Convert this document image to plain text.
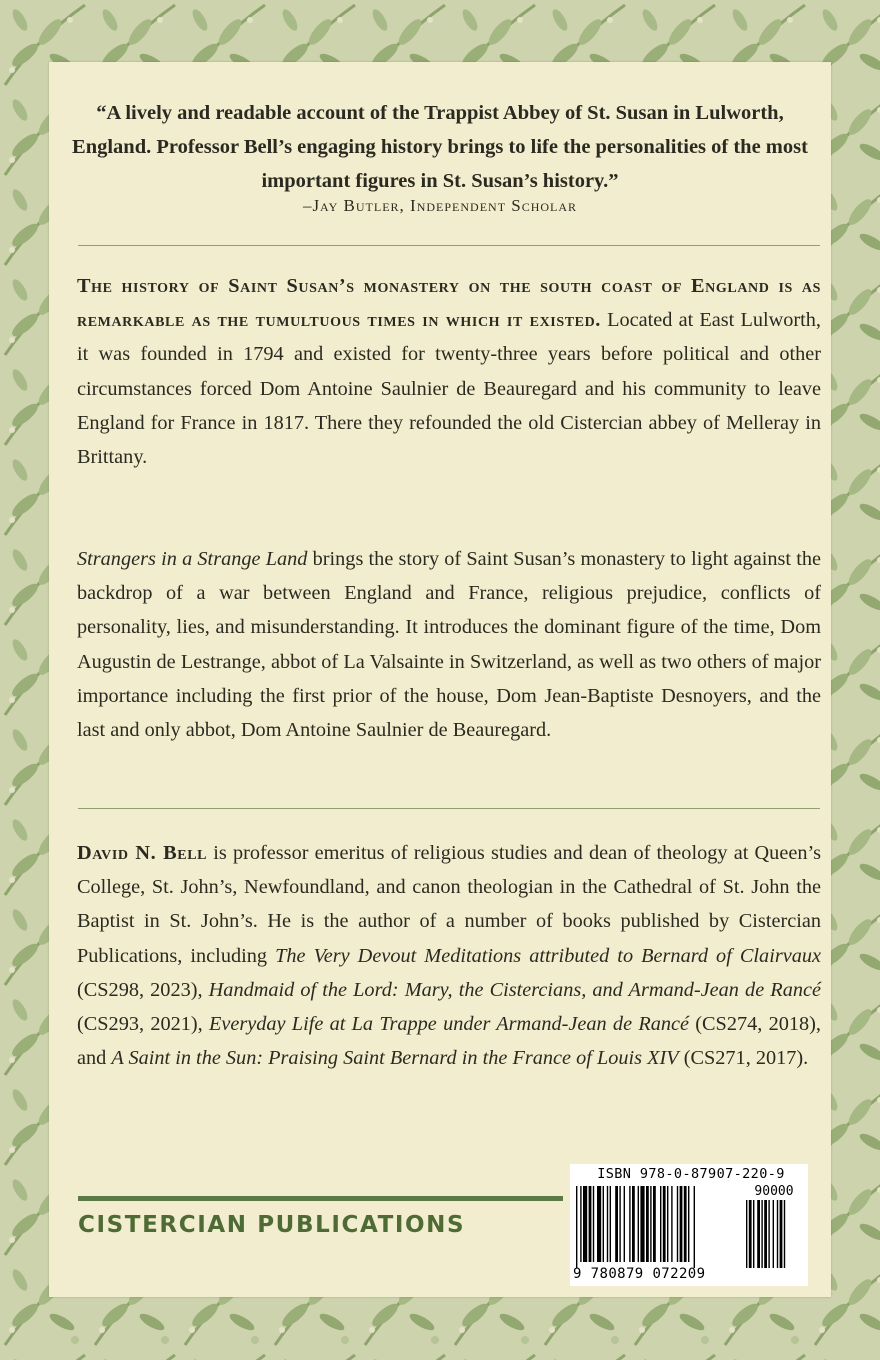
“A lively and readable account of the Trappist Abbey of St. Susan in Lulworth, England. Professor Bell’s engaging history brings to life the personalities of the most important figures in St. Susan’s history.”
–Jay Butler, Independent Scholar
The history of Saint Susan’s monastery on the south coast of England is as remarkable as the tumultuous times in which it existed. Located at East Lulworth, it was founded in 1794 and existed for twenty-three years before political and other circumstances forced Dom Antoine Saulnier de Beauregard and his community to leave England for France in 1817. There they refounded the old Cistercian abbey of Melleray in Brittany.
Strangers in a Strange Land brings the story of Saint Susan’s monastery to light against the backdrop of a war between England and France, religious prejudice, conflicts of personality, lies, and misunderstanding. It introduces the dominant figure of the time, Dom Augustin de Lestrange, abbot of La Valsainte in Switzerland, as well as two others of major importance including the first prior of the house, Dom Jean-Baptiste Desnoyers, and the last and only abbot, Dom Antoine Saulnier de Beauregard.
David N. Bell is professor emeritus of religious studies and dean of theology at Queen’s College, St. John’s, Newfoundland, and canon theologian in the Cathedral of St. John the Baptist in St. John’s. He is the author of a number of books published by Cistercian Publications, including The Very Devout Meditations attributed to Bernard of Clairvaux (CS298, 2023), Handmaid of the Lord: Mary, the Cistercians, and Armand-Jean de Rancé (CS293, 2021), Everyday Life at La Trappe under Armand-Jean de Rancé (CS274, 2018), and A Saint in the Sun: Praising Saint Bernard in the France of Louis XIV (CS271, 2017).
CISTERCIAN PUBLICATIONS
ISBN 978-0-87907-220-9
90000
9 780879 072209
